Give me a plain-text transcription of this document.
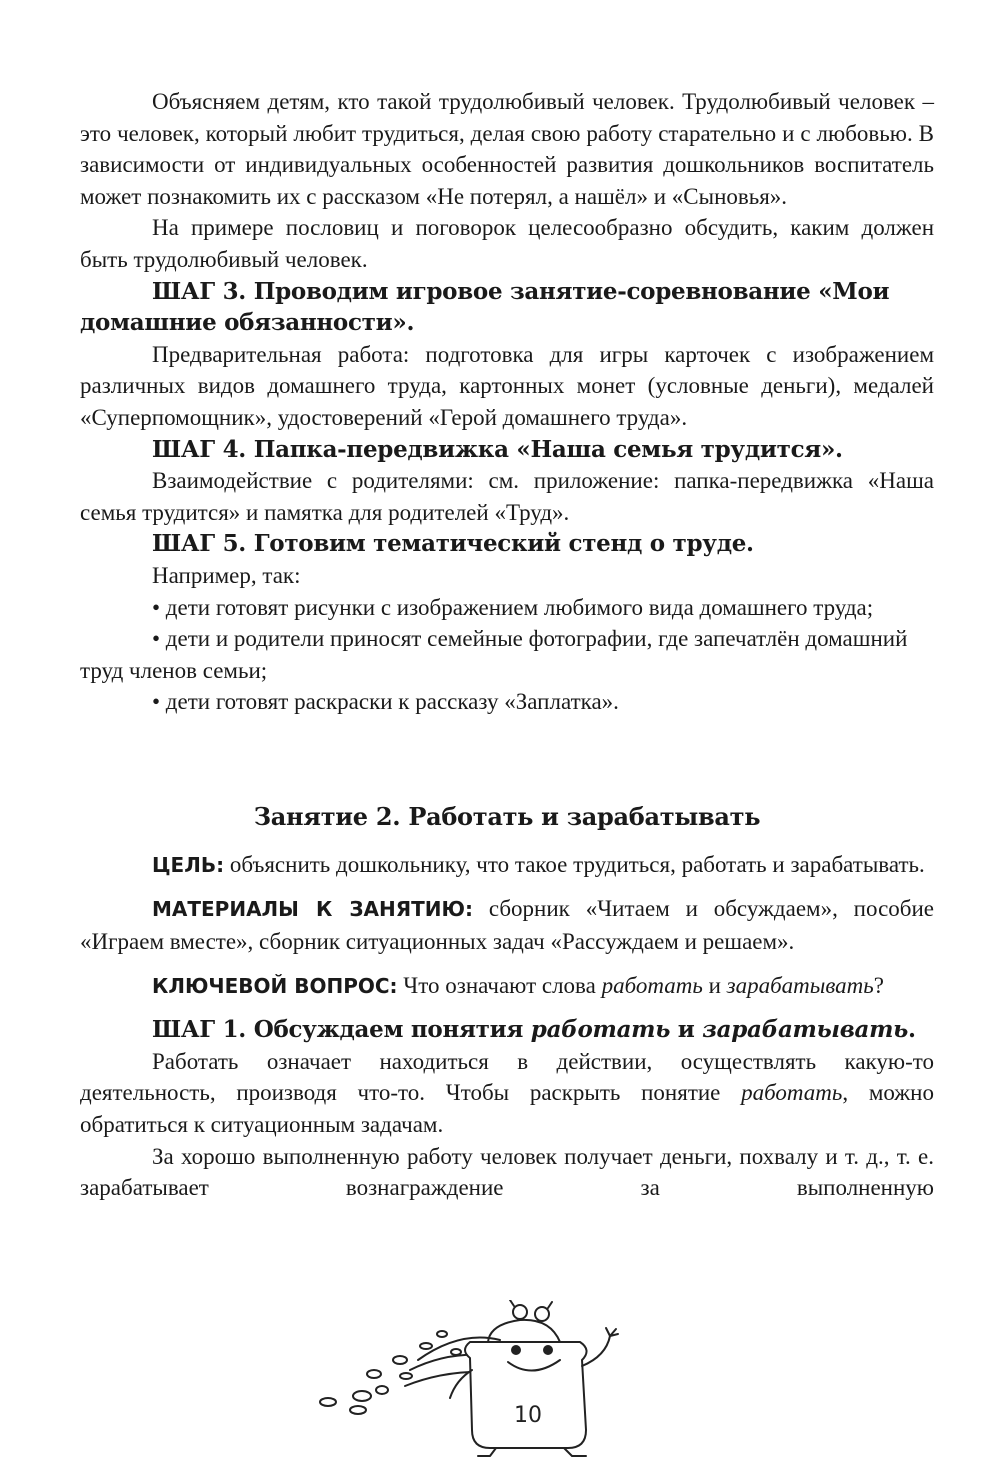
Объясняем детям, кто такой трудолюбивый человек. Трудолюбивый человек – это человек, который любит трудиться, делая свою работу старательно и с любовью. В зависимости от индивидуальных особенностей развития дошкольников воспитатель может познакомить их с рассказом «Не потерял, а нашёл» и «Сыновья».

На примере пословиц и поговорок целесообразно обсудить, каким должен быть трудолюбивый человек.

ШАГ 3. Проводим игровое занятие-соревнование «Мои домашние обязанности».

Предварительная работа: подготовка для игры карточек с изображением различных видов домашнего труда, картонных монет (условные деньги), медалей «Суперпомощник», удостоверений «Герой домашнего труда».

ШАГ 4. Папка-передвижка «Наша семья трудится».

Взаимодействие с родителями: см. приложение: папка-передвижка «Наша семья трудится» и памятка для родителей «Труд».

ШАГ 5. Готовим тематический стенд о труде.

Например, так:

• дети готовят рисунки с изображением любимого вида домашнего труда;

• дети и родители приносят семейные фотографии, где запечатлён домашний труд членов семьи;

• дети готовят раскраски к рассказу «Заплатка».

Занятие 2. Работать и зарабатывать

ЦЕЛЬ: объяснить дошкольнику, что такое трудиться, работать и зарабатывать.

МАТЕРИАЛЫ К ЗАНЯТИЮ: сборник «Читаем и обсуждаем», пособие «Играем вместе», сборник ситуационных задач «Рассуждаем и решаем».

КЛЮЧЕВОЙ ВОПРОС: Что означают слова работать и зарабатывать?

ШАГ 1. Обсуждаем понятия работать и зарабатывать.

Работать означает находиться в действии, осуществлять какую-то деятельность, производя что-то. Чтобы раскрыть понятие работать, можно обратиться к ситуационным задачам.

За хорошо выполненную работу человек получает деньги, похвалу и т. д., т. е. зарабатывает вознаграждение за выполненную

10
